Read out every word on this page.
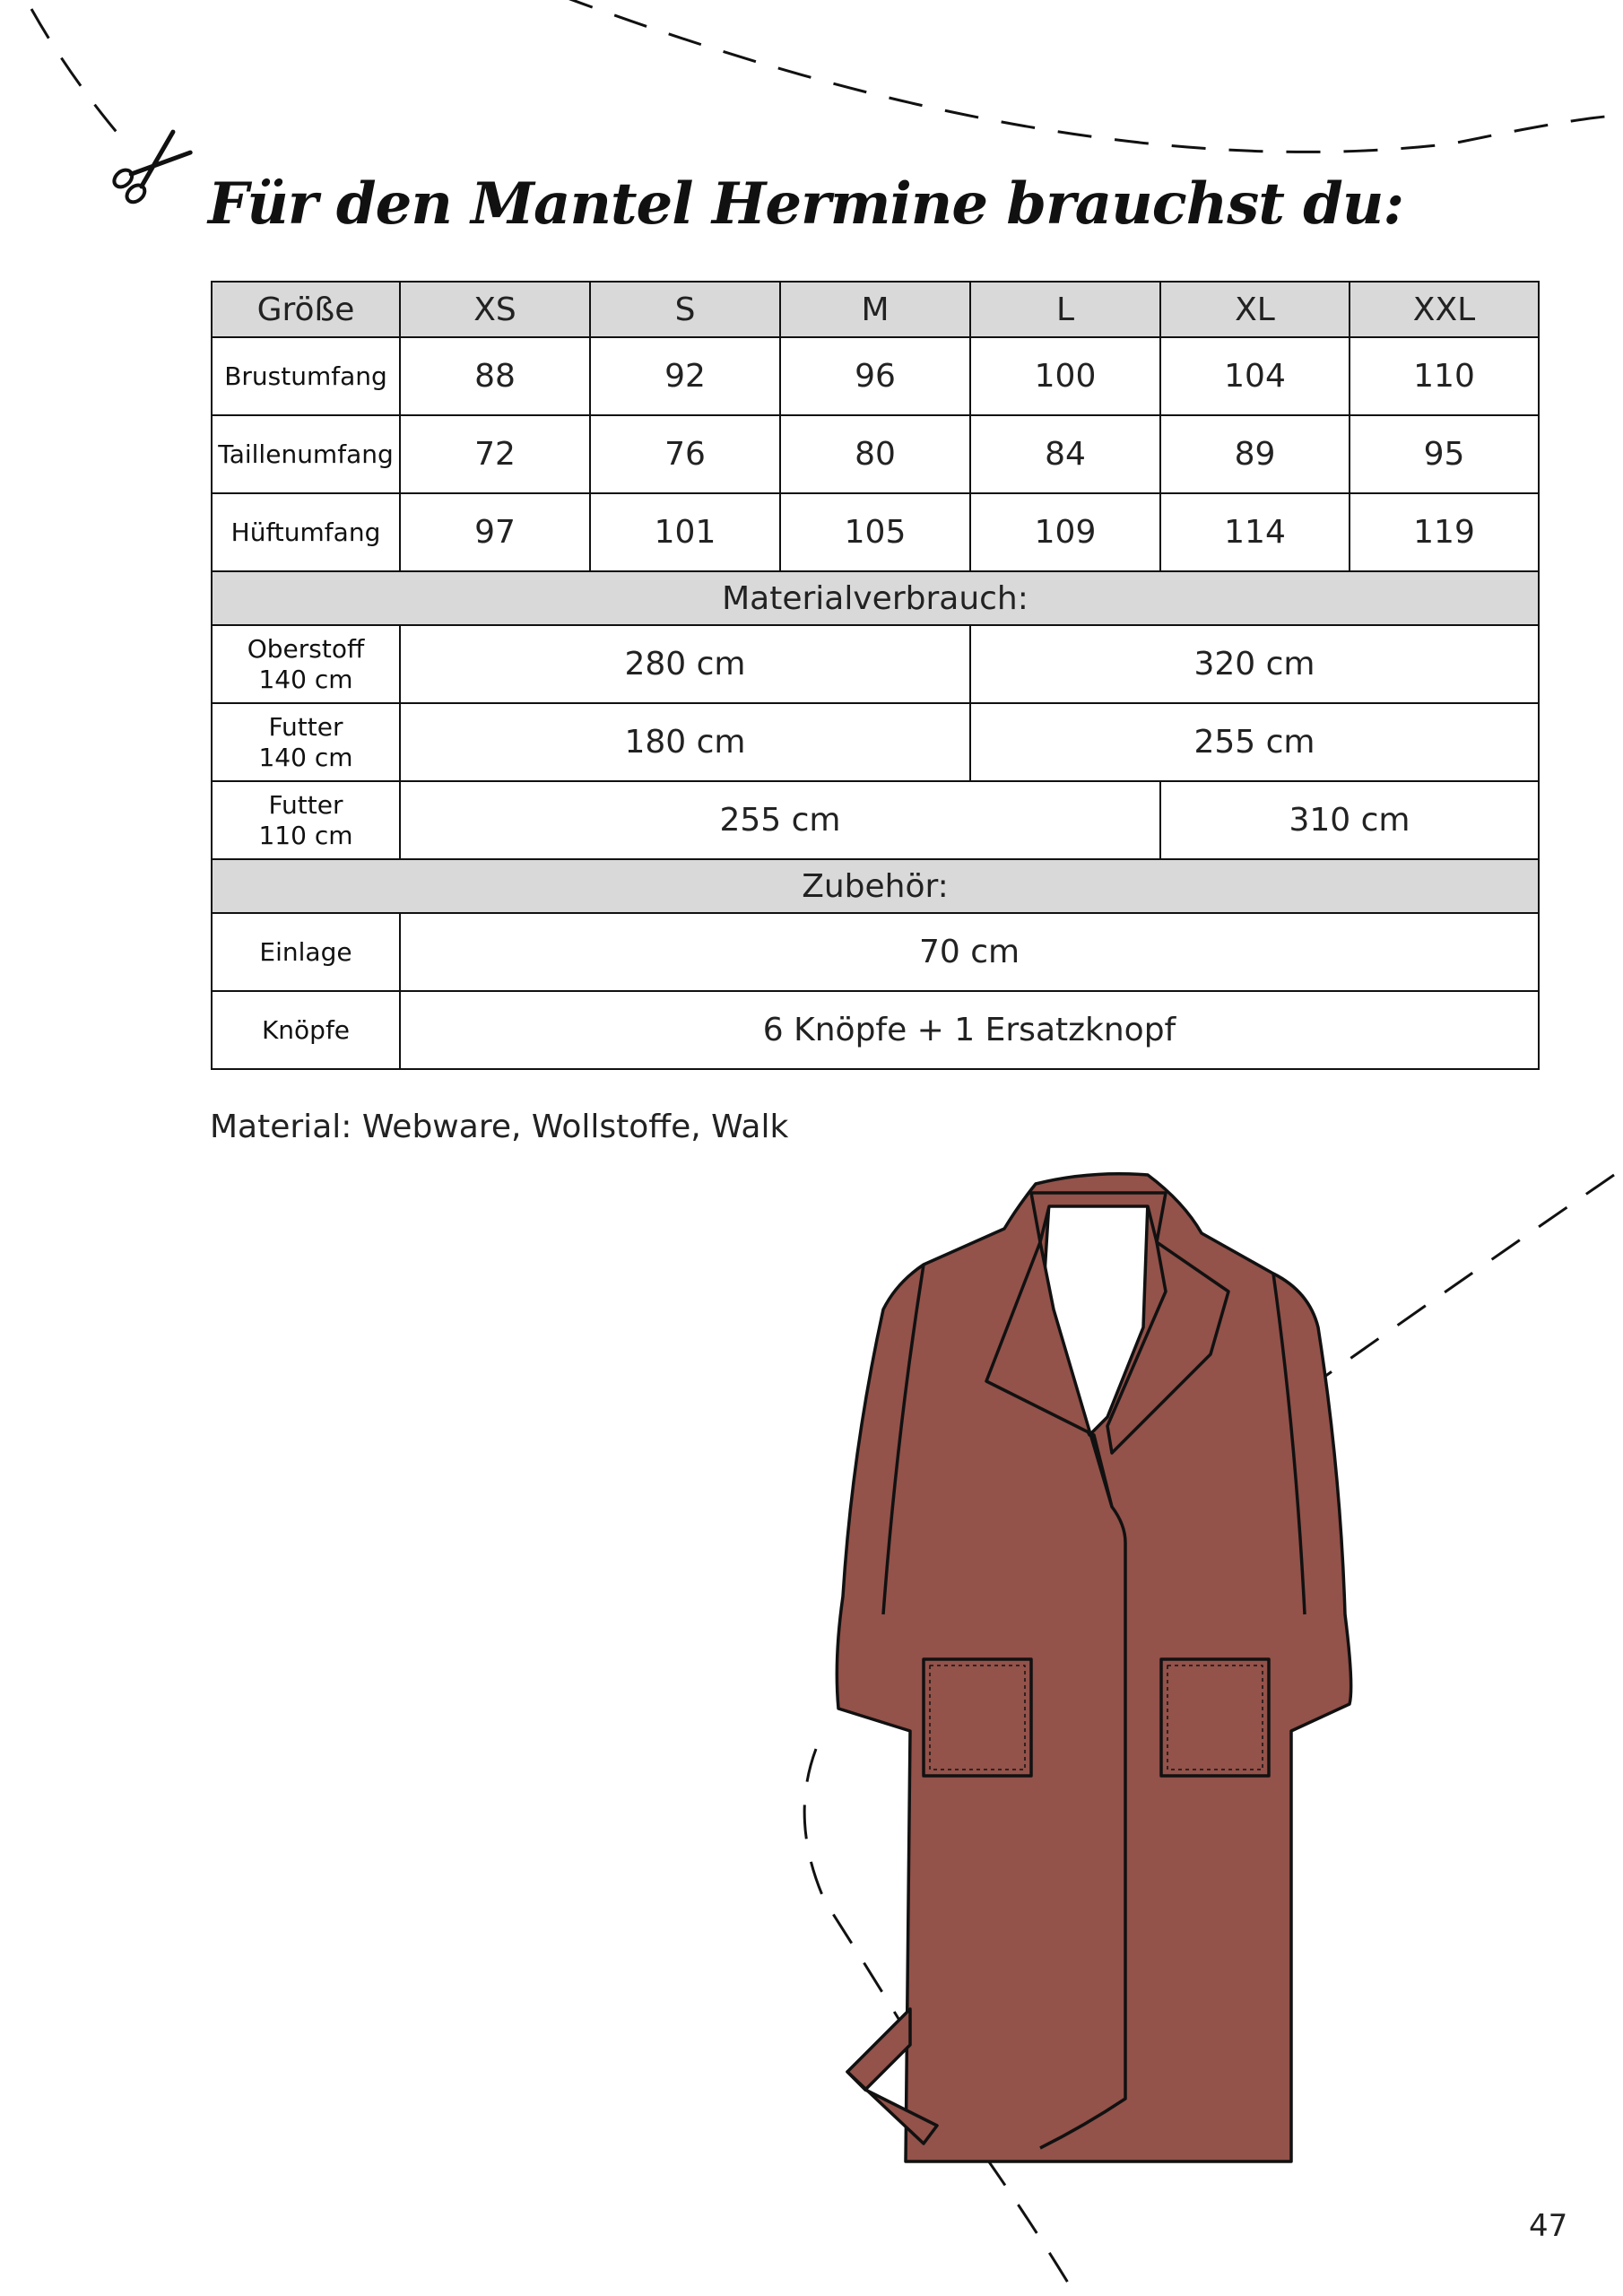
Für den Mantel Hermine brauchst du:
Größe	XS	S	M	L	XL	XXL
Brustumfang	88	92	96	100	104	110
Taillenumfang	72	76	80	84	89	95
Hüftumfang	97	101	105	109	114	119
Materialverbrauch:						

Oberstoff
140 cm	280 cm			320 cm		

Futter
140 cm	180 cm			255 cm		

Futter
110 cm	255 cm				310 cm	
Zubehör:						
Einlage	70 cm					
Knöpfe	6 Knöpfe + 1 Ersatzknopf					
Material: Webware, Wollstoffe, Walk
47
